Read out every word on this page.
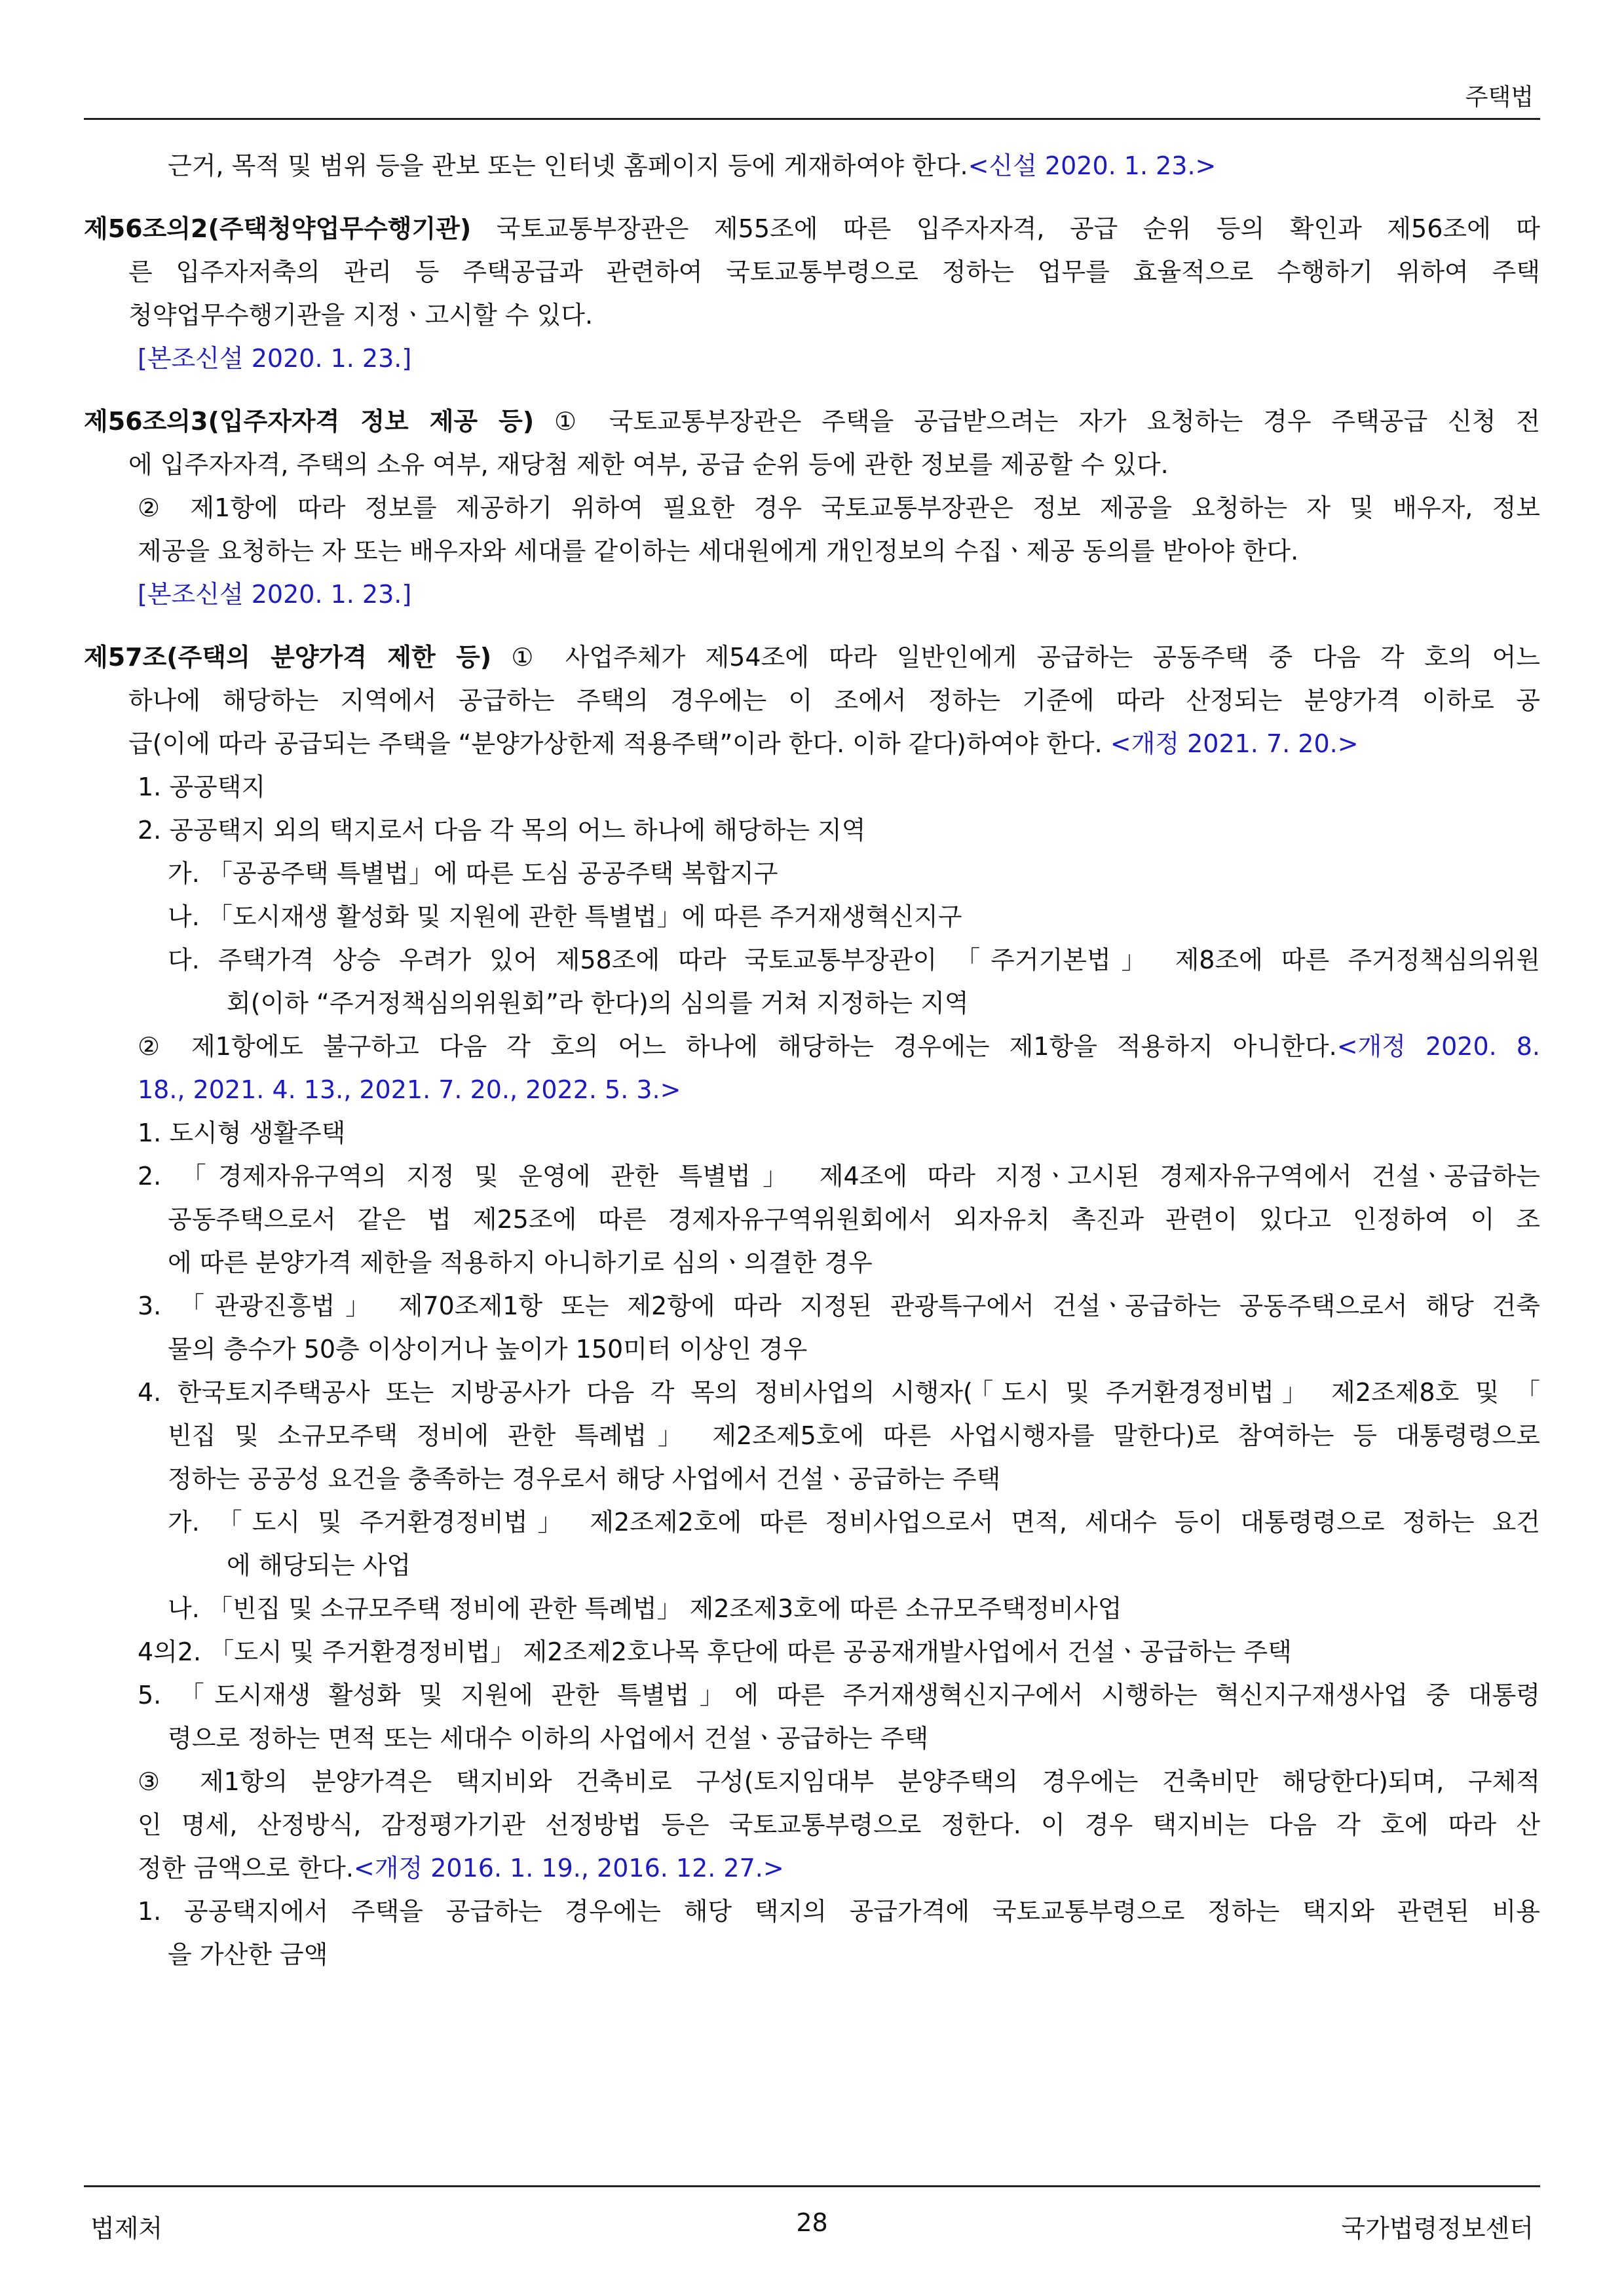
주택법
근거, 목적 및 범위 등을 관보 또는 인터넷 홈페이지 등에 게재하여야 한다.<신설 2020. 1. 23.>
제56조의2(주택청약업무수행기관) 국토교통부장관은 제55조에 따른 입주자자격, 공급 순위 등의 확인과 제56조에 따
른 입주자저축의 관리 등 주택공급과 관련하여 국토교통부령으로 정하는 업무를 효율적으로 수행하기 위하여 주택
청약업무수행기관을 지정ㆍ고시할 수 있다.
[본조신설 2020. 1. 23.]
제56조의3(입주자자격 정보 제공 등) ① 국토교통부장관은 주택을 공급받으려는 자가 요청하는 경우 주택공급 신청 전
에 입주자자격, 주택의 소유 여부, 재당첨 제한 여부, 공급 순위 등에 관한 정보를 제공할 수 있다.
② 제1항에 따라 정보를 제공하기 위하여 필요한 경우 국토교통부장관은 정보 제공을 요청하는 자 및 배우자, 정보
제공을 요청하는 자 또는 배우자와 세대를 같이하는 세대원에게 개인정보의 수집ㆍ제공 동의를 받아야 한다.
[본조신설 2020. 1. 23.]
제57조(주택의 분양가격 제한 등) ① 사업주체가 제54조에 따라 일반인에게 공급하는 공동주택 중 다음 각 호의 어느
하나에 해당하는 지역에서 공급하는 주택의 경우에는 이 조에서 정하는 기준에 따라 산정되는 분양가격 이하로 공
급(이에 따라 공급되는 주택을 “분양가상한제 적용주택”이라 한다. 이하 같다)하여야 한다. <개정 2021. 7. 20.>
1. 공공택지
2. 공공택지 외의 택지로서 다음 각 목의 어느 하나에 해당하는 지역
가. 「공공주택 특별법」에 따른 도심 공공주택 복합지구
나. 「도시재생 활성화 및 지원에 관한 특별법」에 따른 주거재생혁신지구
다. 주택가격 상승 우려가 있어 제58조에 따라 국토교통부장관이 「주거기본법」 제8조에 따른 주거정책심의위원
회(이하 “주거정책심의위원회”라 한다)의 심의를 거쳐 지정하는 지역
② 제1항에도 불구하고 다음 각 호의 어느 하나에 해당하는 경우에는 제1항을 적용하지 아니한다.<개정 2020. 8.
18., 2021. 4. 13., 2021. 7. 20., 2022. 5. 3.>
1. 도시형 생활주택
2. 「경제자유구역의 지정 및 운영에 관한 특별법」 제4조에 따라 지정ㆍ고시된 경제자유구역에서 건설ㆍ공급하는
공동주택으로서 같은 법 제25조에 따른 경제자유구역위원회에서 외자유치 촉진과 관련이 있다고 인정하여 이 조
에 따른 분양가격 제한을 적용하지 아니하기로 심의ㆍ의결한 경우
3. 「관광진흥법」 제70조제1항 또는 제2항에 따라 지정된 관광특구에서 건설ㆍ공급하는 공동주택으로서 해당 건축
물의 층수가 50층 이상이거나 높이가 150미터 이상인 경우
4. 한국토지주택공사 또는 지방공사가 다음 각 목의 정비사업의 시행자(「도시 및 주거환경정비법」 제2조제8호 및 「
빈집 및 소규모주택 정비에 관한 특례법」 제2조제5호에 따른 사업시행자를 말한다)로 참여하는 등 대통령령으로
정하는 공공성 요건을 충족하는 경우로서 해당 사업에서 건설ㆍ공급하는 주택
가. 「도시 및 주거환경정비법」 제2조제2호에 따른 정비사업으로서 면적, 세대수 등이 대통령령으로 정하는 요건
에 해당되는 사업
나. 「빈집 및 소규모주택 정비에 관한 특례법」 제2조제3호에 따른 소규모주택정비사업
4의2. 「도시 및 주거환경정비법」 제2조제2호나목 후단에 따른 공공재개발사업에서 건설ㆍ공급하는 주택
5. 「도시재생 활성화 및 지원에 관한 특별법」에 따른 주거재생혁신지구에서 시행하는 혁신지구재생사업 중 대통령
령으로 정하는 면적 또는 세대수 이하의 사업에서 건설ㆍ공급하는 주택
③ 제1항의 분양가격은 택지비와 건축비로 구성(토지임대부 분양주택의 경우에는 건축비만 해당한다)되며, 구체적
인 명세, 산정방식, 감정평가기관 선정방법 등은 국토교통부령으로 정한다. 이 경우 택지비는 다음 각 호에 따라 산
정한 금액으로 한다.<개정 2016. 1. 19., 2016. 12. 27.>
1. 공공택지에서 주택을 공급하는 경우에는 해당 택지의 공급가격에 국토교통부령으로 정하는 택지와 관련된 비용
을 가산한 금액
법제처	28	국가법령정보센터
